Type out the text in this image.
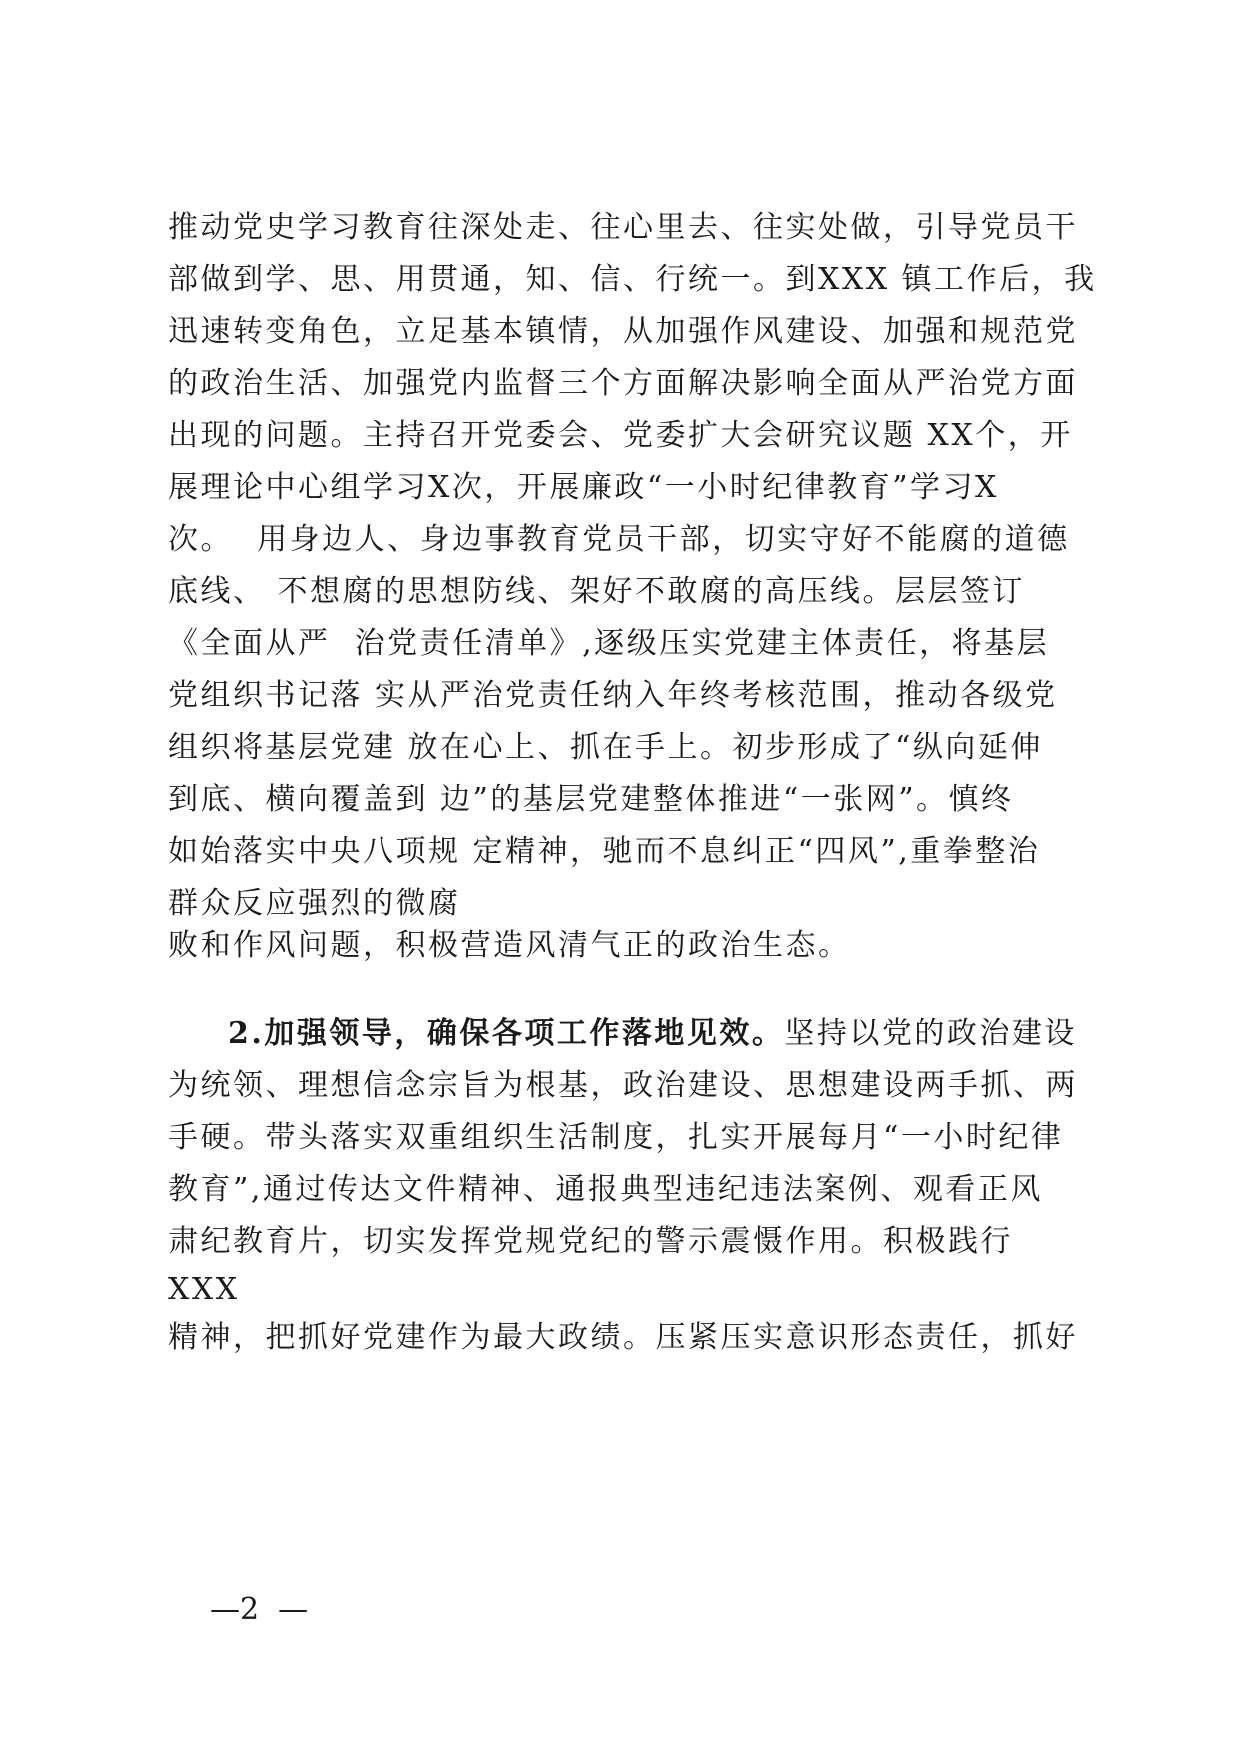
推动党史学习教育往深处走、往心里去、往实处做，引导党员干
部做到学、思、用贯通，知、信、行统一。到XXX 镇工作后，我
迅速转变角色，立足基本镇情，从加强作风建设、加强和规范党
的政治生活、加强党内监督三个方面解决影响全面从严治党方面
出现的问题。主持召开党委会、党委扩大会研究议题 XX个，开
展理论中心组学习X次，开展廉政“一小时纪律教育”学习X
次。  用身边人、身边事教育党员干部，切实守好不能腐的道德
底线、 不想腐的思想防线、架好不敢腐的高压线。层层签订
《全面从严  治党责任清单》,逐级压实党建主体责任，将基层
党组织书记落 实从严治党责任纳入年终考核范围，推动各级党
组织将基层党建 放在心上、抓在手上。初步形成了“纵向延伸
到底、横向覆盖到 边”的基层党建整体推进“一张网”。慎终
如始落实中央八项规 定精神，驰而不息纠正“四风”,重拳整治
群众反应强烈的微腐
败和作风问题，积极营造风清气正的政治生态。
2.加强领导，确保各项工作落地见效。坚持以党的政治建设
为统领、理想信念宗旨为根基，政治建设、思想建设两手抓、两
手硬。带头落实双重组织生活制度，扎实开展每月“一小时纪律
教育”,通过传达文件精神、通报典型违纪违法案例、观看正风
肃纪教育片，切实发挥党规党纪的警示震慑作用。积极践行
XXX
精神，把抓好党建作为最大政绩。压紧压实意识形态责任，抓好
—2  —
